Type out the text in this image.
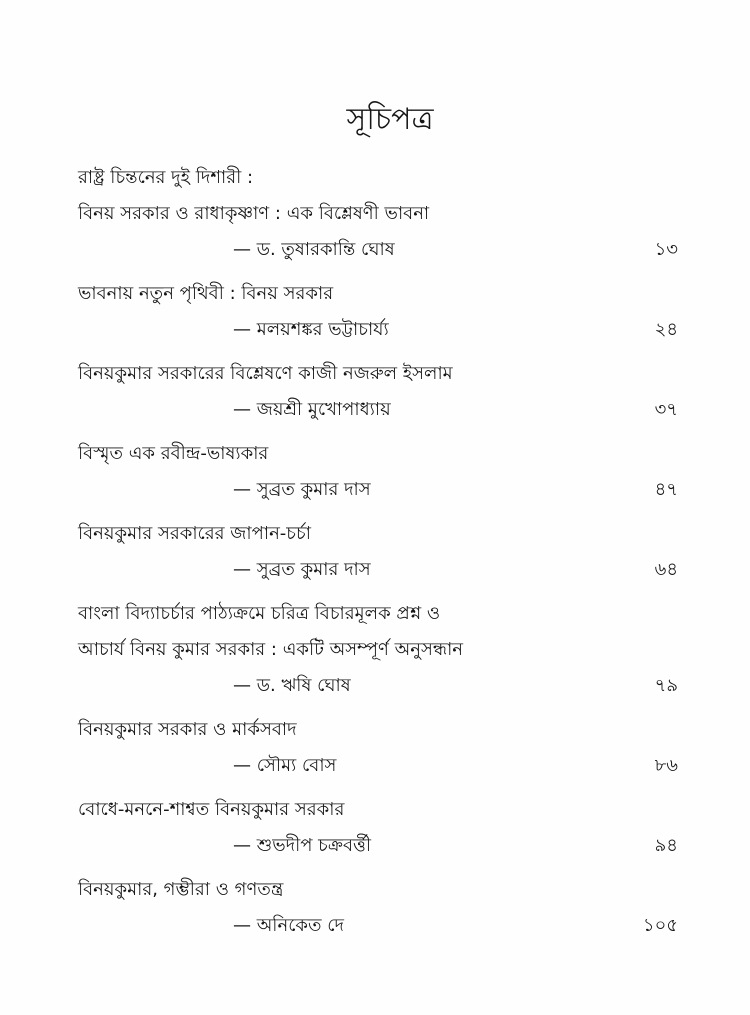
সূচিপত্র
রাষ্ট্র চিন্তনের দুই দিশারী :
বিনয় সরকার ও রাধাকৃষ্ণাণ : এক বিশ্লেষণী ভাবনা
— ড. তুষারকান্তি ঘোষ	১৩
ভাবনায় নতুন পৃথিবী : বিনয় সরকার
— মলয়শঙ্কর ভট্টাচার্য্য	২৪
বিনয়কুমার সরকারের বিশ্লেষণে কাজী নজরুল ইসলাম
— জয়শ্রী মুখোপাধ্যায়	৩৭
বিস্মৃত এক রবীন্দ্র-ভাষ্যকার
— সুব্রত কুমার দাস	৪৭
বিনয়কুমার সরকারের জাপান-চর্চা
— সুব্রত কুমার দাস	৬৪
বাংলা বিদ্যাচর্চার পাঠ্যক্রমে চরিত্র বিচারমূলক প্রশ্ন ও
আচার্য বিনয় কুমার সরকার : একটি অসম্পূর্ণ অনুসন্ধান
— ড. ঋষি ঘোষ	৭৯
বিনয়কুমার সরকার ও মার্কসবাদ
— সৌম্য বোস	৮৬
বোধে-মননে-শাশ্বত বিনয়কুমার সরকার
— শুভদীপ চক্রবর্ত্তী	৯৪
বিনয়কুমার, গম্ভীরা ও গণতন্ত্র
— অনিকেত দে	১০৫
